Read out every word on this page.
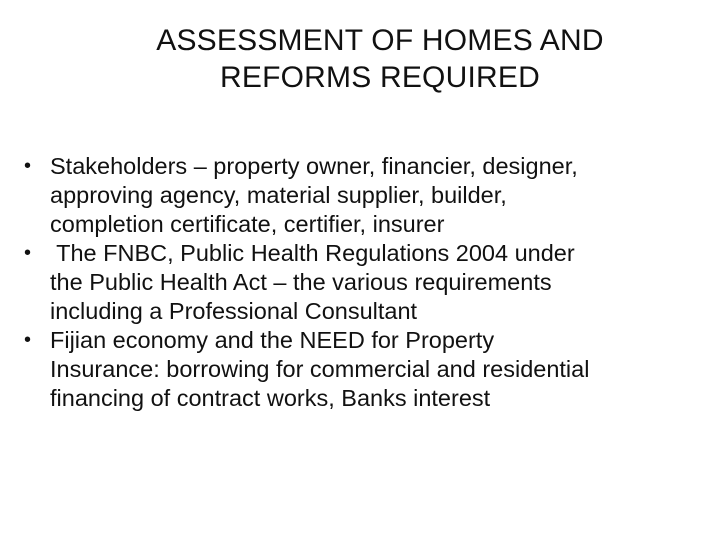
ASSESSMENT OF HOMES AND
REFORMS REQUIRED
• Stakeholders – property owner, financier, designer,
approving agency, material supplier, builder,
completion certificate, certifier, insurer
• The FNBC, Public Health Regulations 2004 under
the Public Health Act – the various requirements
including a Professional Consultant
• Fijian economy and the NEED for Property
Insurance: borrowing for commercial and residential
financing of contract works, Banks interest
